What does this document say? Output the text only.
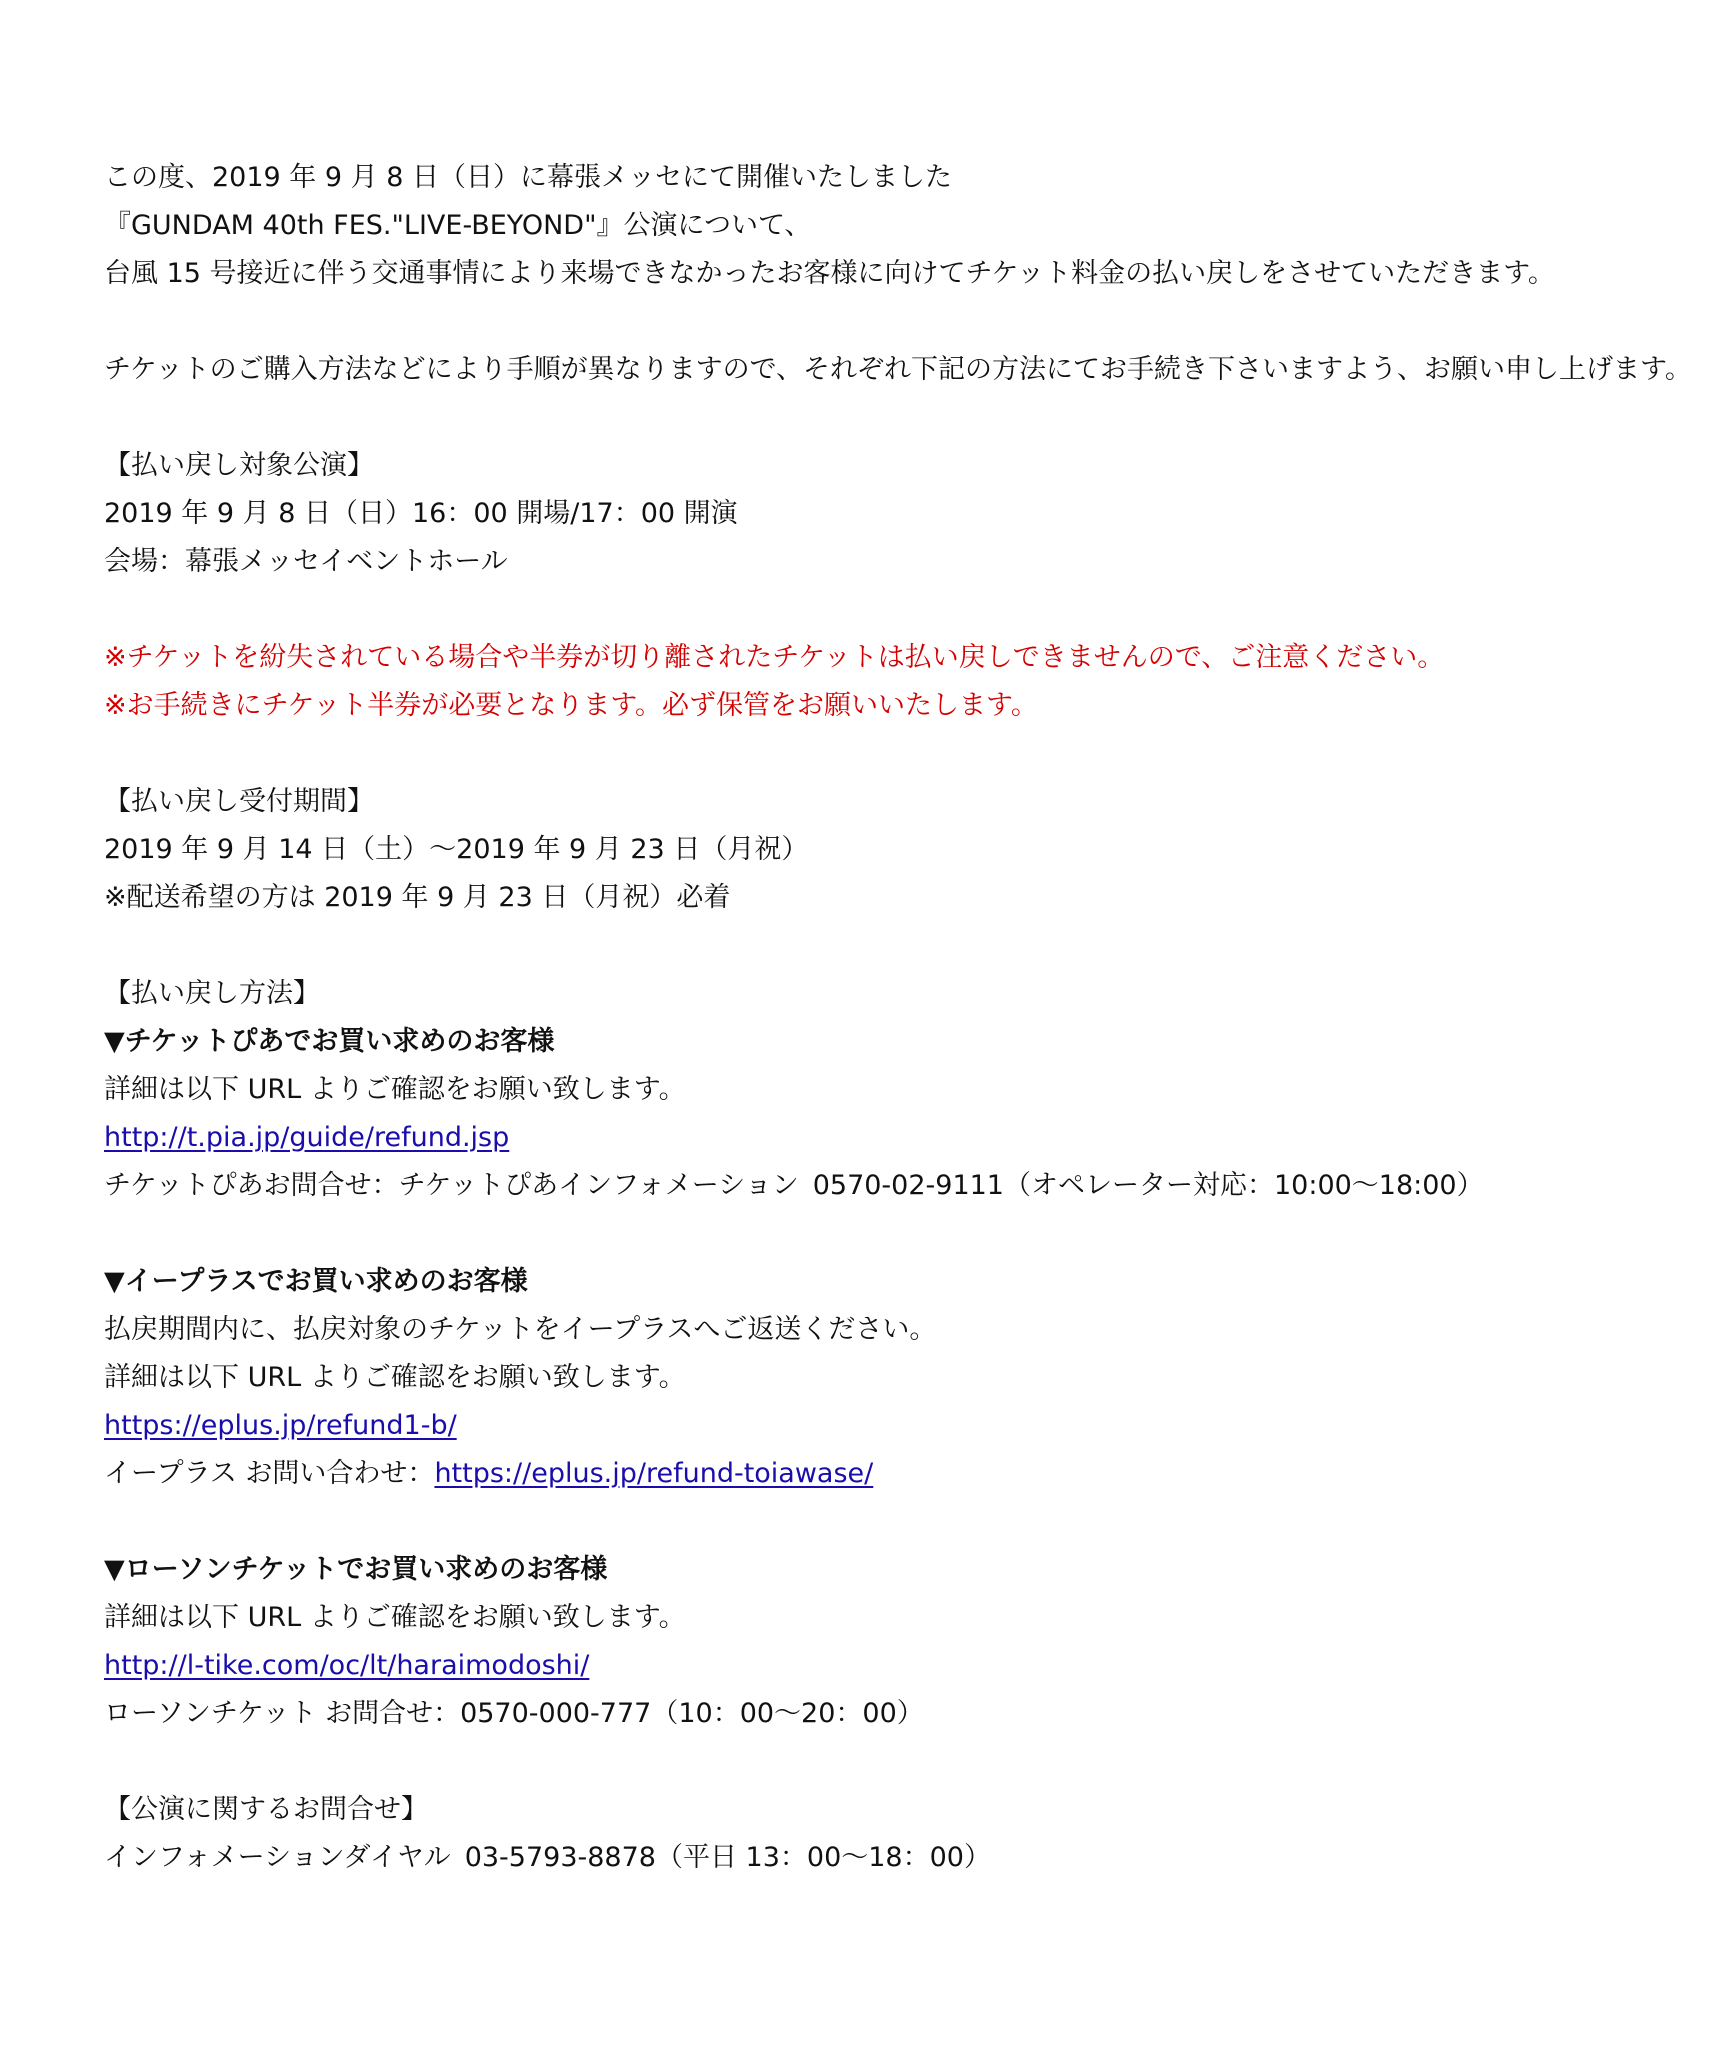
この度、2019 年 9 月 8 日（日）に幕張メッセにて開催いたしました
『GUNDAM 40th FES."LIVE-BEYOND"』公演について、
台風 15 号接近に伴う交通事情により来場できなかったお客様に向けてチケット料金の払い戻しをさせていただきます。
チケットのご購入方法などにより手順が異なりますので、それぞれ下記の方法にてお手続き下さいますよう、お願い申し上げます。
【払い戻し対象公演】
2019 年 9 月 8 日（日）16：00 開場/17：00 開演
会場：幕張メッセイベントホール
※チケットを紛失されている場合や半券が切り離されたチケットは払い戻しできませんので、ご注意ください。
※お手続きにチケット半券が必要となります。必ず保管をお願いいたします。
【払い戻し受付期間】
2019 年 9 月 14 日（土）～2019 年 9 月 23 日（月祝）
※配送希望の方は 2019 年 9 月 23 日（月祝）必着
【払い戻し方法】
▼チケットぴあでお買い求めのお客様
詳細は以下 URL よりご確認をお願い致します。
http://t.pia.jp/guide/refund.jsp
チケットぴあお問合せ：チケットぴあインフォメーション 0570-02-9111（オペレーター対応：10:00～18:00）
▼イープラスでお買い求めのお客様
払戻期間内に、払戻対象のチケットをイープラスへご返送ください。
詳細は以下 URL よりご確認をお願い致します。
https://eplus.jp/refund1-b/
イープラス お問い合わせ：https://eplus.jp/refund-toiawase/
▼ローソンチケットでお買い求めのお客様
詳細は以下 URL よりご確認をお願い致します。
http://l-tike.com/oc/lt/haraimodoshi/
ローソンチケット お問合せ：0570-000-777（10：00～20：00）
【公演に関するお問合せ】
インフォメーションダイヤル 03-5793-8878（平日 13：00～18：00）
